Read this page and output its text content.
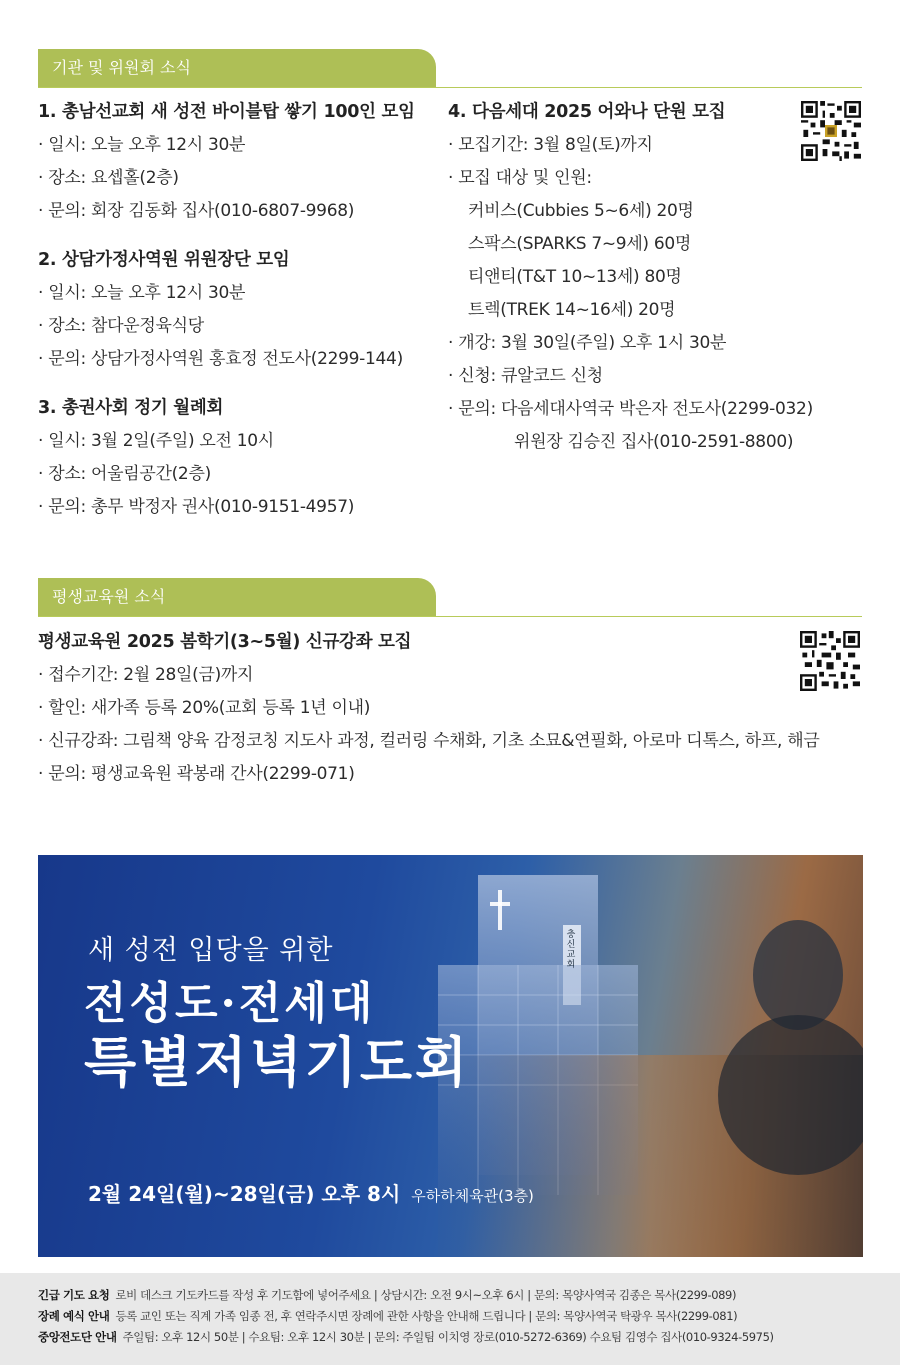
기관 및 위원회 소식
1. 총남선교회 새 성전 바이블탑 쌓기 100인 모임
· 일시: 오늘 오후 12시 30분
· 장소: 요셉홀(2층)
· 문의: 회장 김동화 집사(010-6807-9968)
2. 상담가정사역원 위원장단 모임
· 일시: 오늘 오후 12시 30분
· 장소: 참다운정육식당
· 문의: 상담가정사역원 홍효정 전도사(2299-144)
3. 총권사회 정기 월례회
· 일시: 3월 2일(주일) 오전 10시
· 장소: 어울림공간(2층)
· 문의: 총무 박정자 권사(010-9151-4957)
4. 다음세대 2025 어와나 단원 모집
· 모집기간: 3월 8일(토)까지
· 모집 대상 및 인원:
커비스(Cubbies 5~6세) 20명
스팍스(SPARKS 7~9세) 60명
티앤티(T&T 10~13세) 80명
트렉(TREK 14~16세) 20명
· 개강: 3월 30일(주일) 오후 1시 30분
· 신청: 큐알코드 신청
· 문의: 다음세대사역국 박은자 전도사(2299-032)
위원장 김승진 집사(010-2591-8800)
평생교육원 소식
평생교육원 2025 봄학기(3~5월) 신규강좌 모집
· 접수기간: 2월 28일(금)까지
· 할인: 새가족 등록 20%(교회 등록 1년 이내)
· 신규강좌: 그림책 양육 감정코칭 지도사 과정, 컬러링 수채화, 기초 소묘&연필화, 아로마 디톡스, 하프, 해금
· 문의: 평생교육원 곽봉래 간사(2299-071)
충신교회
새 성전 입당을 위한
전성도·전세대
특별저녁기도회
2월 24일(월)~28일(금) 오후 8시 우하하체육관(3층)
긴급 기도 요청 로비 데스크 기도카드를 작성 후 기도함에 넣어주세요 | 상담시간: 오전 9시~오후 6시 | 문의: 목양사역국 김종은 목사(2299-089)
장례 예식 안내 등록 교인 또는 직계 가족 임종 전, 후 연락주시면 장례에 관한 사항을 안내해 드립니다 | 문의: 목양사역국 탁광우 목사(2299-081)
중앙전도단 안내 주일팀: 오후 12시 50분 | 수요팀: 오후 12시 30분 | 문의: 주일팀 이치영 장로(010-5272-6369) 수요팀 김영수 집사(010-9324-5975)
